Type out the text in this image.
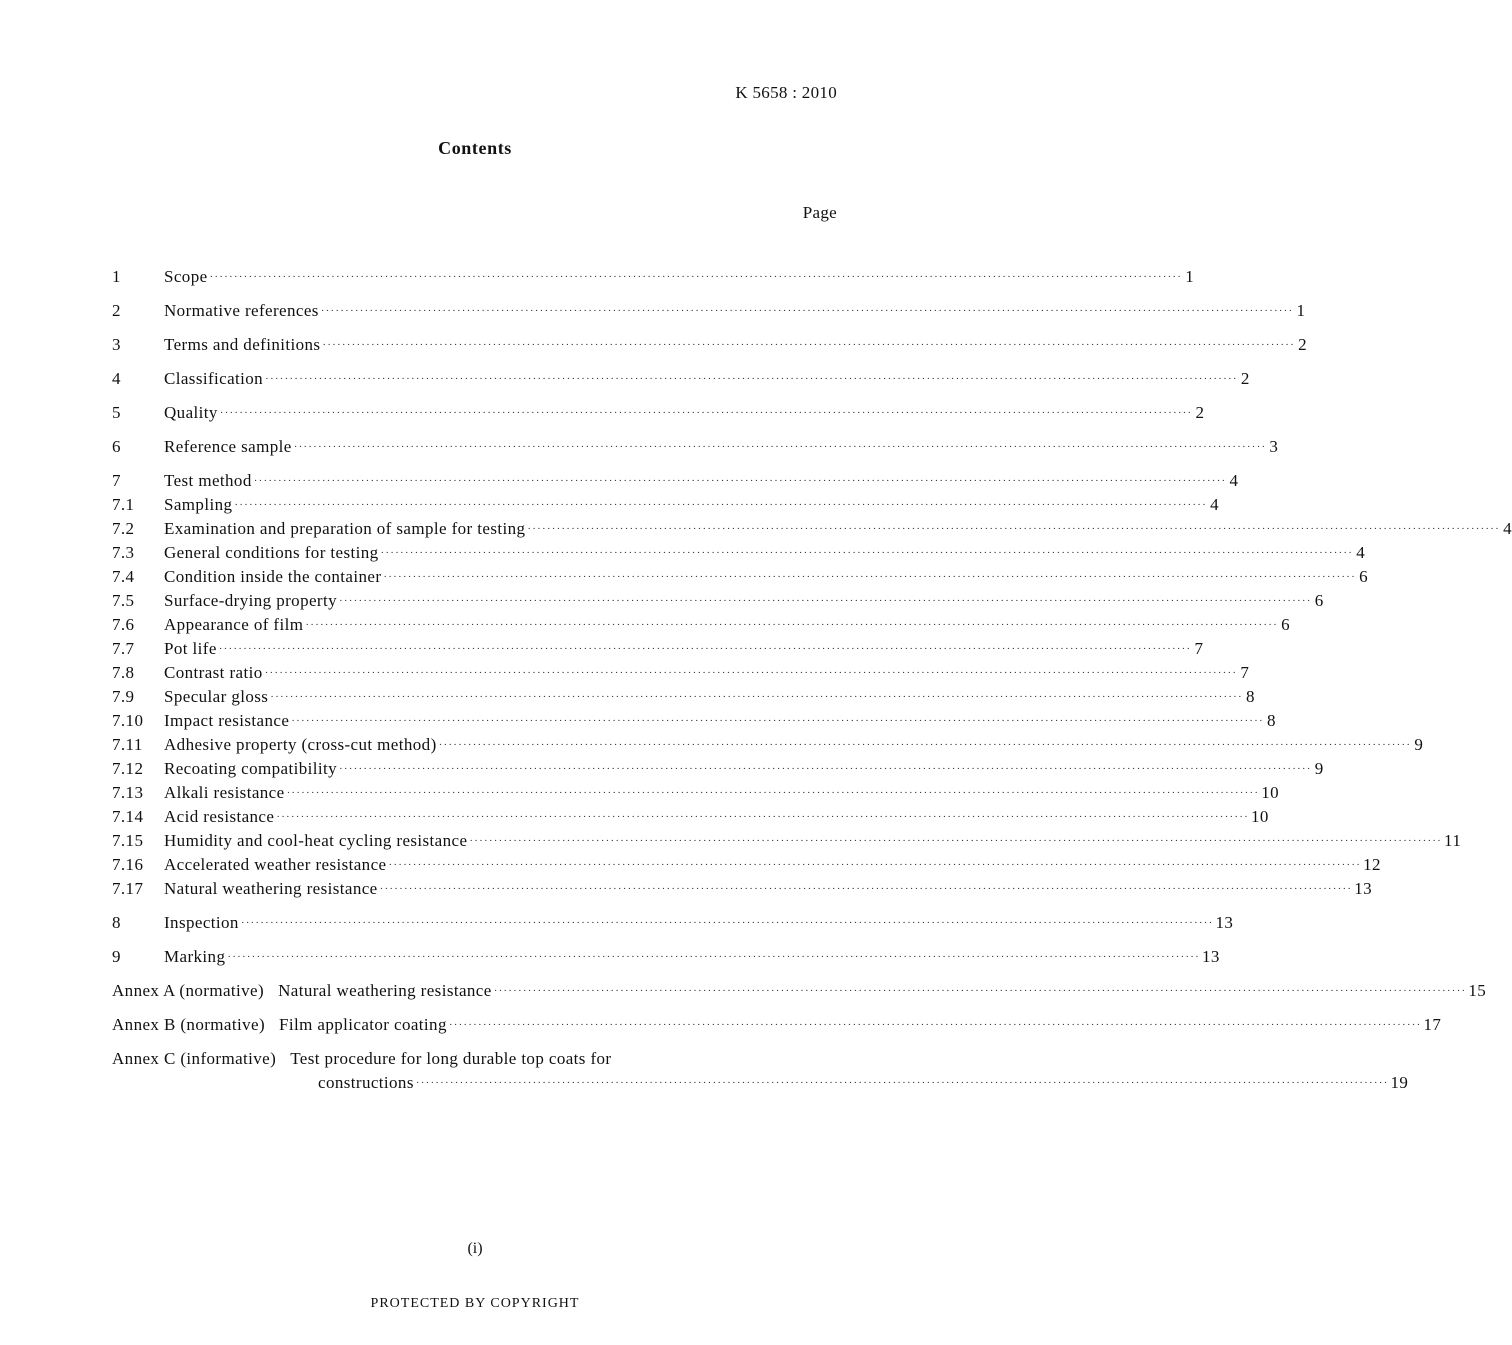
K 5658 : 2010
Contents
Page
1	Scope ········································································································································································································ 1
2	Normative references ········································································································································································································ 1
3	Terms and definitions ········································································································································································································ 2
4	Classification ········································································································································································································ 2
5	Quality ········································································································································································································ 2
6	Reference sample ········································································································································································································ 3
7	Test method ········································································································································································································ 4
7.1	Sampling ········································································································································································································ 4
7.2	Examination and preparation of sample for testing ········································································································································································································ 4
7.3	General conditions for testing ········································································································································································································ 4
7.4	Condition inside the container ········································································································································································································ 6
7.5	Surface-drying property ········································································································································································································ 6
7.6	Appearance of film ········································································································································································································ 6
7.7	Pot life ········································································································································································································ 7
7.8	Contrast ratio ········································································································································································································ 7
7.9	Specular gloss ········································································································································································································ 8
7.10	Impact resistance ········································································································································································································ 8
7.11	Adhesive property (cross-cut method) ········································································································································································································ 9
7.12	Recoating compatibility ········································································································································································································ 9
7.13	Alkali resistance ········································································································································································································ 10
7.14	Acid resistance ········································································································································································································ 10
7.15	Humidity and cool-heat cycling resistance ········································································································································································································ 11
7.16	Accelerated weather resistance ········································································································································································································ 12
7.17	Natural weathering resistance ········································································································································································································ 13
8	Inspection ········································································································································································································ 13
9	Marking ········································································································································································································ 13
Annex A (normative) Natural weathering resistance ········································································································································································································ 15
Annex B (normative) Film applicator coating ········································································································································································································ 17
Annex C (informative) Test procedure for long durable top coats for
constructions ········································································································································································································ 19
(i)
PROTECTED BY COPYRIGHT
